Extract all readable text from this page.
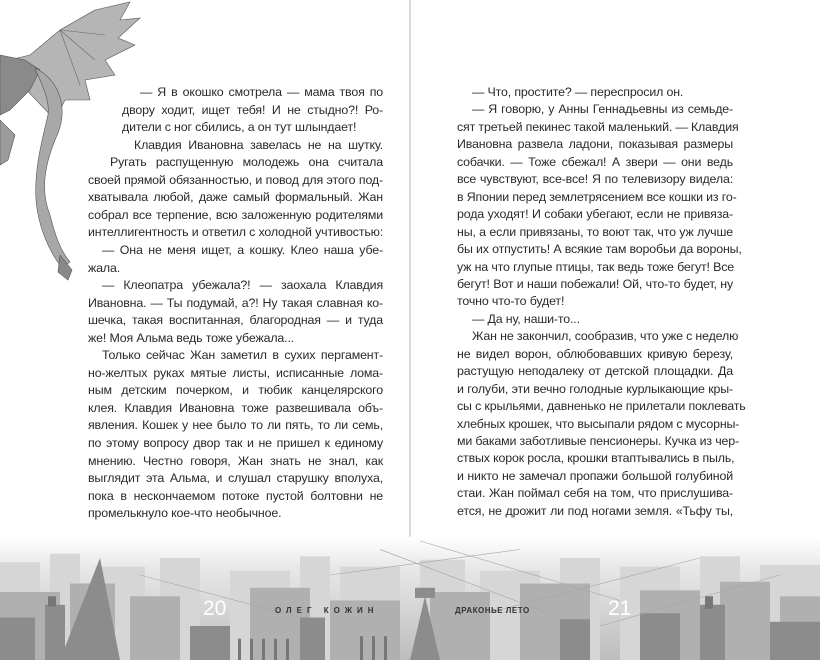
— Я в окошко смотрела — мама твоя по
двору ходит, ищет тебя! И не стыдно?! Ро-
дители с ног сбились, а он тут шлындает!
Клавдия Ивановна завелась не на шутку.
Ругать распущенную молодежь она считала
своей прямой обязанностью, и повод для этого под-
хватывала любой, даже самый формальный. Жан
собрал все терпение, всю заложенную родителями
интеллигентность и ответил с холодной учтивостью:
— Она не меня ищет, а кошку. Клео наша убе-
жала.
— Клеопатра убежала?! — заохала Клавдия
Ивановна. — Ты подумай, а?! Ну такая славная ко-
шечка, такая воспитанная, благородная — и туда
же! Моя Альма ведь тоже убежала...
Только сейчас Жан заметил в сухих пергамент-
но-желтых руках мятые листы, исписанные лома-
ным детским почерком, и тюбик канцелярского
клея. Клавдия Ивановна тоже развешивала объ-
явления. Кошек у нее было то ли пять, то ли семь,
по этому вопросу двор так и не пришел к единому
мнению. Честно говоря, Жан знать не знал, как
выглядит эта Альма, и слушал старушку вполуха,
пока в нескончаемом потоке пустой болтовни не
промелькнуло кое-что необычное.
— Что, простите? — переспросил он.
— Я говорю, у Анны Геннадьевны из семьде-
сят третьей пекинес такой маленький. — Клавдия
Ивановна развела ладони, показывая размеры
собачки. — Тоже сбежал! А звери — они ведь
все чувствуют, все-все! Я по телевизору видела:
в Японии перед землетрясением все кошки из го-
рода уходят! И собаки убегают, если не привяза-
ны, а если привязаны, то воют так, что уж лучше
бы их отпустить! А всякие там воробьи да вороны,
уж на что глупые птицы, так ведь тоже бегут! Все
бегут! Вот и наши побежали! Ой, что-то будет, ну
точно что-то будет!
— Да ну, наши-то...
Жан не закончил, сообразив, что уже с неделю
не видел ворон, облюбовавших кривую березу,
растущую неподалеку от детской площадки. Да
и голуби, эти вечно голодные курлыкающие кры-
сы с крыльями, давненько не прилетали поклевать
хлебных крошек, что высыпали рядом с мусорны-
ми баками заботливые пенсионеры. Кучка из чер-
ствых корок росла, крошки втаптывались в пыль,
и никто не замечал пропажи большой голубиной
стаи. Жан поймал себя на том, что прислушива-
ется, не дрожит ли под ногами земля. «Тьфу ты,
20	ОЛЕГ КОЖИН	ДРАКОНЬЕ ЛЕТО	21
